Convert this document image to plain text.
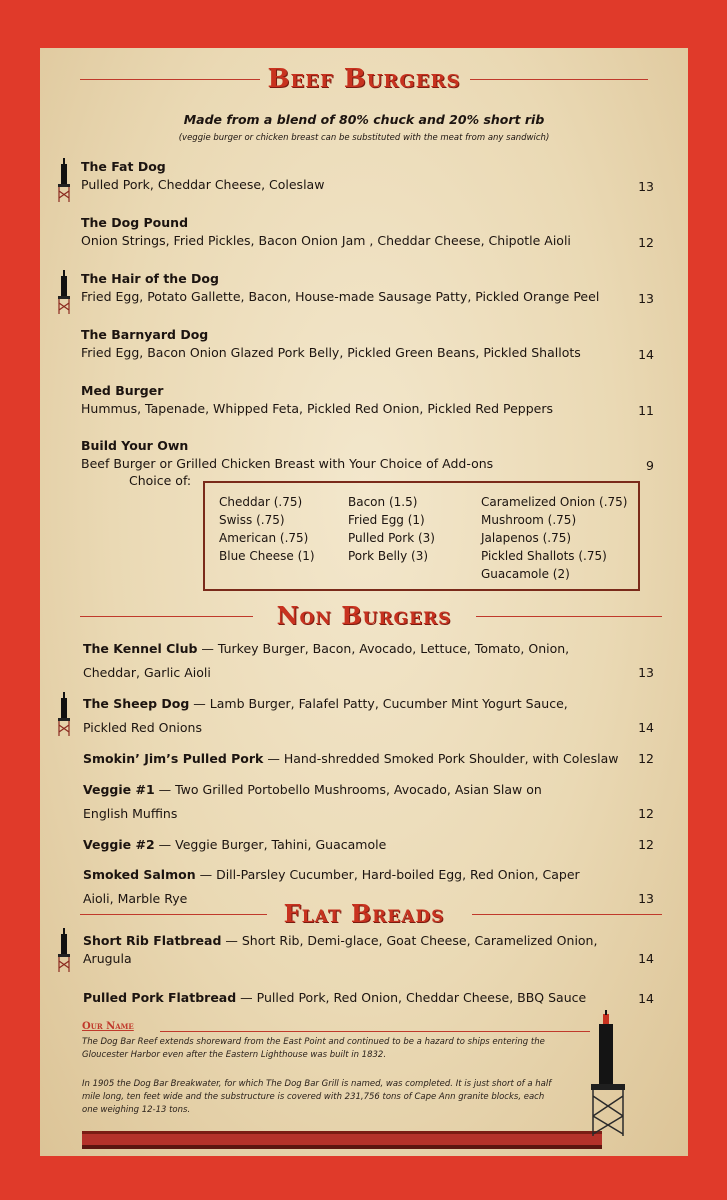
Beef Burgers
Made from a blend of 80% chuck and 20% short rib
(veggie burger or chicken breast can be substituted with the meat from any sandwich)
The Fat Dog
Pulled Pork, Cheddar Cheese, Coleslaw	13
The Dog Pound
Onion Strings, Fried Pickles, Bacon Onion Jam , Cheddar Cheese, Chipotle Aioli	12
The Hair of the Dog
Fried Egg, Potato Gallette, Bacon, House-made Sausage Patty, Pickled Orange Peel	13
The Barnyard Dog
Fried Egg, Bacon Onion Glazed Pork Belly, Pickled Green Beans, Pickled Shallots	14
Med Burger
Hummus, Tapenade, Whipped Feta, Pickled Red Onion, Pickled Red Peppers	11
Build Your Own
Beef Burger or Grilled Chicken Breast with Your Choice of Add-ons	9
Choice of:
Cheddar (.75)
Swiss (.75)
American (.75)
Blue Cheese (1)
Bacon (1.5)
Fried Egg (1)
Pulled Pork (3)
Pork Belly (3)
Caramelized Onion (.75)
Mushroom (.75)
Jalapenos (.75)
Pickled Shallots (.75)
Guacamole (2)
Non Burgers
The Kennel Club — Turkey Burger, Bacon, Avocado, Lettuce, Tomato, Onion,
Cheddar, Garlic Aioli	13
The Sheep Dog — Lamb Burger, Falafel Patty, Cucumber Mint Yogurt Sauce,
Pickled Red Onions	14
Smokin’ Jim’s Pulled Pork — Hand-shredded Smoked Pork Shoulder, with Coleslaw	12
Veggie #1 — Two Grilled Portobello Mushrooms, Avocado, Asian Slaw on
English Muffins	12
Veggie #2 — Veggie Burger, Tahini, Guacamole	12
Smoked Salmon — Dill-Parsley Cucumber, Hard-boiled Egg, Red Onion, Caper
Aioli, Marble Rye	13
Flat Breads
Short Rib Flatbread — Short Rib, Demi-glace, Goat Cheese, Caramelized Onion,
Arugula	14
Pulled Pork Flatbread — Pulled Pork, Red Onion, Cheddar Cheese, BBQ Sauce	14
Our Name
The Dog Bar Reef extends shoreward from the East Point and continued to be a hazard to ships entering the Gloucester Harbor even after the Eastern Lighthouse was built in 1832.
In 1905 the Dog Bar Breakwater, for which The Dog Bar Grill is named, was completed. It is just short of a half mile long, ten feet wide and the substructure is covered with 231,756 tons of Cape Ann granite blocks, each one weighing 12-13 tons.
